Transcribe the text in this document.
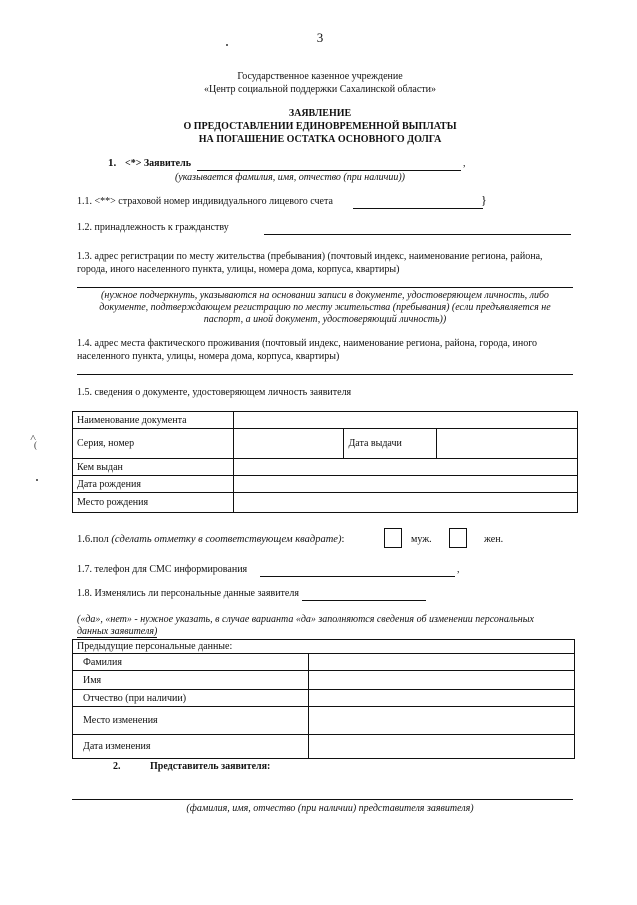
3
Государственное казенное учреждение
«Центр социальной поддержки Сахалинской области»
ЗАЯВЛЕНИЕ
О ПРЕДОСТАВЛЕНИИ ЕДИНОВРЕМЕННОЙ ВЫПЛАТЫ
НА ПОГАШЕНИЕ ОСТАТКА ОСНОВНОГО ДОЛГА
1. <*> Заявитель	,
(указывается фамилия, имя, отчество (при наличии))
1.1. <**> страховой номер индивидуального лицевого счета	}
1.2. принадлежность к гражданству
1.3. адрес регистрации по месту жительства (пребывания) (почтовый индекс, наименование региона, района,
города, иного населенного пункта, улицы, номера дома, корпуса, квартиры)
(нужное подчеркнуть, указываются на основании записи в документе, удостоверяющем личность, либо
документе, подтверждающем регистрацию по месту жительства (пребывания) (если предъявляется не
паспорт, а иной документ, удостоверяющий личность))
1.4. адрес места фактического проживания (почтовый индекс, наименование региона, района, города, иного
населенного пункта, улицы, номера дома, корпуса, квартиры)
1.5. сведения о документе, удостоверяющем личность заявителя
Наименование документа			
Серия, номер		Дата выдачи	
Кем выдан			
Дата рождения			
Место рождения			
1.6.пол (сделать отметку в соответствующем квадрате):	муж.	жен.
1.7. телефон для СМС информирования	,
1.8. Изменялись ли персональные данные заявителя
(«да», «нет» - нужное указать, в случае варианта «да» заполняются сведения об изменении персональных
данных заявителя)
Предыдущие персональные данные:	
Фамилия	
Имя	
Отчество (при наличии)	
Место изменения	
Дата изменения	
2.	Представитель заявителя:
(фамилия, имя, отчество (при наличии) представителя заявителя)
˄
(
